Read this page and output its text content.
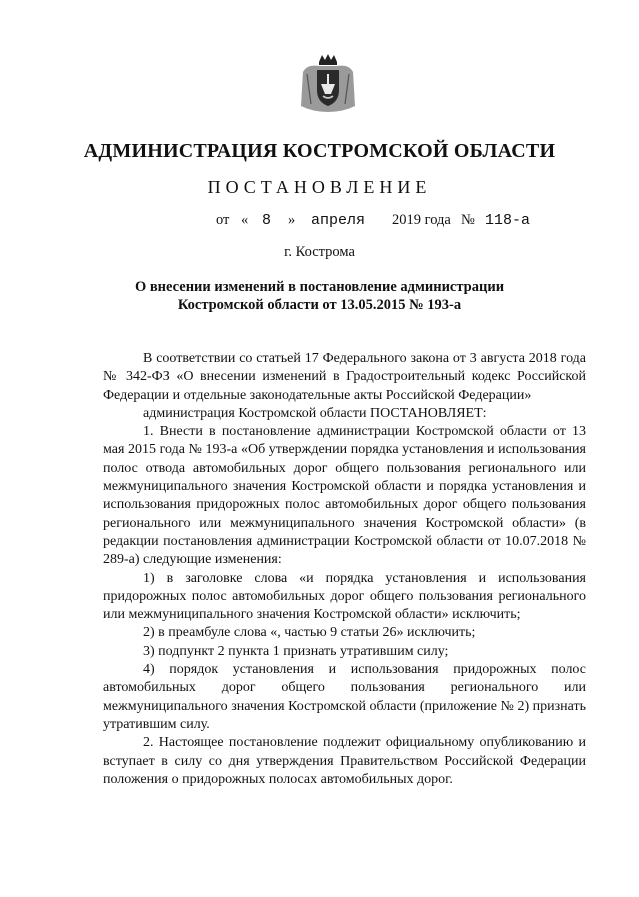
АДМИНИСТРАЦИЯ КОСТРОМСКОЙ ОБЛАСТИ
ПОСТАНОВЛЕНИЕ
от « 8 » апреля 2019 года № 118-а
г. Кострома
О внесении изменений в постановление администрации
Костромской области от 13.05.2015 № 193-а

В соответствии со статьей 17 Федерального закона от 3 августа 2018 года № 342-ФЗ «О внесении изменений в Градостроительный кодекс Российской Федерации и отдельные законодательные акты Российской Федерации»

администрация Костромской области ПОСТАНОВЛЯЕТ:

1. Внести в постановление администрации Костромской области от 13 мая 2015 года № 193-а «Об утверждении порядка установления и использования полос отвода автомобильных дорог общего пользования регионального или межмуниципального значения Костромской области и порядка установления и использования придорожных полос автомобильных дорог общего пользования регионального или межмуниципального значения Костромской области» (в редакции постановления администрации Костромской области от 10.07.2018 № 289-а) следующие изменения:

1) в заголовке слова «и порядка установления и использования придорожных полос автомобильных дорог общего пользования регионального или межмуниципального значения Костромской области» исключить;

2) в преамбуле слова «, частью 9 статьи 26» исключить;

3) подпункт 2 пункта 1 признать утратившим силу;

4) порядок установления и использования придорожных полос автомобильных дорог общего пользования регионального или межмуниципального значения Костромской области (приложение № 2) признать утратившим силу.

2. Настоящее постановление подлежит официальному опубликованию и вступает в силу со дня утверждения Правительством Российской Федерации положения о придорожных полосах автомобильных дорог.
